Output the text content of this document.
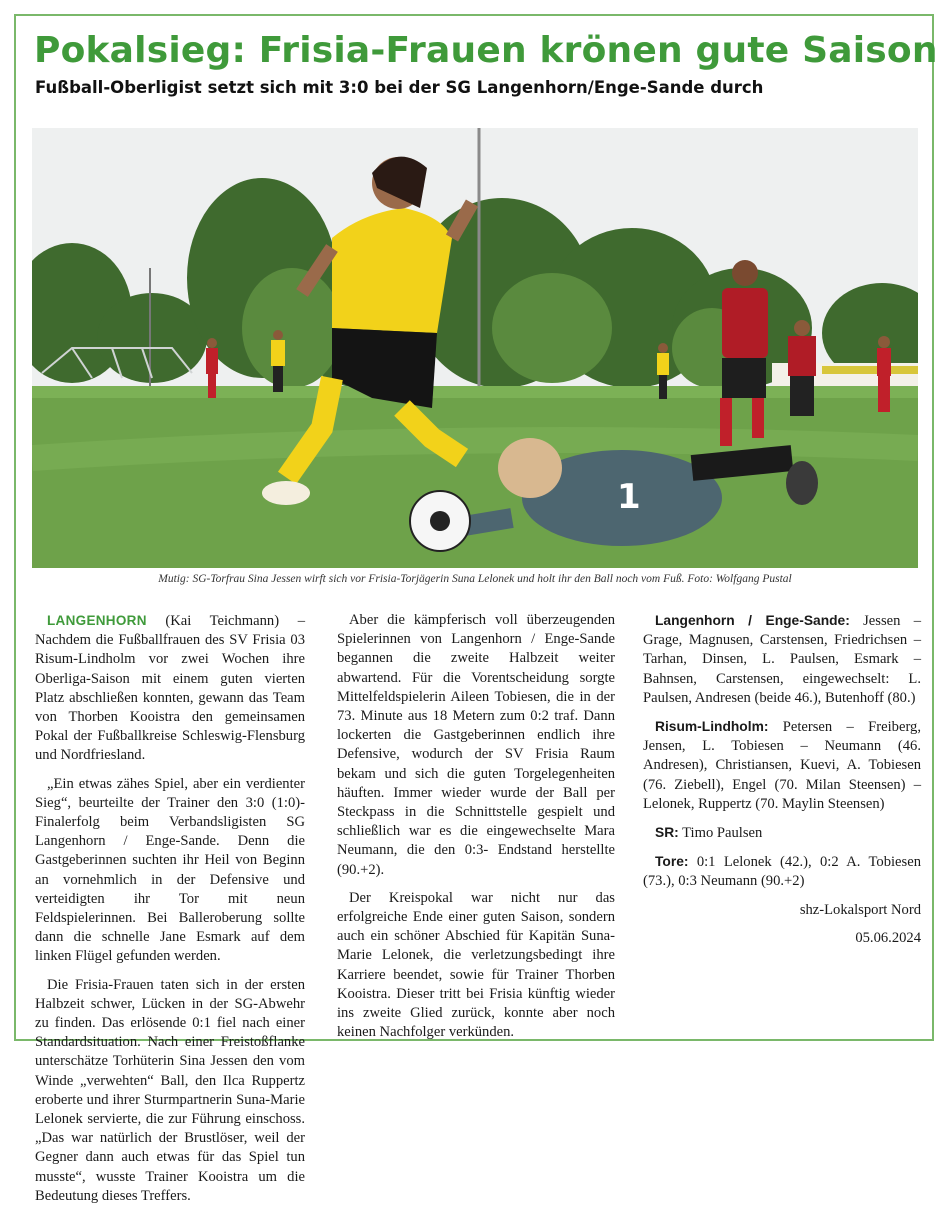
Pokalsieg: Frisia-Frauen krönen gute Saison
Fußball-Oberligist setzt sich mit 3:0 bei der SG Langenhorn/Enge-Sande durch
1
Mutig: SG-Torfrau Sina Jessen wirft sich vor Frisia-Torjägerin Suna Lelonek und holt ihr den Ball noch vom Fuß. Foto: Wolfgang Pustal

LANGENHORN (Kai Teichmann) – Nachdem die Fußballfrauen des SV Frisia 03 Risum-Lindholm vor zwei Wochen ihre Oberliga-Saison mit einem guten vierten Platz abschließen konnten, gewann das Team von Thorben Kooistra den gemeinsamen Pokal der Fußballkreise Schleswig-Flensburg und Nordfriesland.

„Ein etwas zähes Spiel, aber ein verdienter Sieg“, beurteilte der Trainer den 3:0 (1:0)-Finalerfolg beim Verbandsligisten SG Langenhorn / Enge-Sande. Denn die Gastgeberinnen suchten ihr Heil von Beginn an vornehmlich in der Defensive und verteidigten ihr Tor mit neun Feldspielerinnen. Bei Balleroberung sollte dann die schnelle Jane Esmark auf dem linken Flügel gefunden werden.

Die Frisia-Frauen taten sich in der ersten Halbzeit schwer, Lücken in der SG-Abwehr zu finden. Das erlösende 0:1 fiel nach einer Standardsituation. Nach einer Freistoßflanke unterschätze Torhüterin Sina Jessen den vom Winde „verwehten“ Ball, den Ilca Ruppertz eroberte und ihrer Sturmpartnerin Suna-Marie Lelonek servierte, die zur Führung einschoss. „Das war natürlich der Brustlöser, weil der Gegner dann auch etwas für das Spiel tun musste“, wusste Trainer Kooistra um die Bedeutung dieses Treffers.

Aber die kämpferisch voll überzeugenden Spielerinnen von Langenhorn / Enge-Sande begannen die zweite Halbzeit weiter abwartend. Für die Vorentscheidung sorgte Mittelfeldspielerin Aileen Tobiesen, die in der 73. Minute aus 18 Metern zum 0:2 traf. Dann lockerten die Gastgeberinnen endlich ihre Defensive, wodurch der SV Frisia Raum bekam und sich die guten Torgelegenheiten häuften. Immer wieder wurde der Ball per Steckpass in die Schnittstelle gespielt und schließlich war es die eingewechselte Mara Neumann, die den 0:3- Endstand herstellte (90.+2).

Der Kreispokal war nicht nur das erfolgreiche Ende einer guten Saison, sondern auch ein schöner Abschied für Kapitän Suna-Marie Lelonek, die verletzungsbedingt ihre Karriere beendet, sowie für Trainer Thorben Kooistra. Dieser tritt bei Frisia künftig wieder ins zweite Glied zurück, konnte aber noch keinen Nachfolger verkünden.

Langenhorn / Enge-Sande: Jessen – Grage, Magnusen, Carstensen, Friedrichsen – Tarhan, Dinsen, L. Paulsen, Esmark – Bahnsen, Carstensen, eingewechselt: L. Paulsen, Andresen (beide 46.), Butenhoff (80.)

Risum-Lindholm: Petersen – Freiberg, Jensen, L. Tobiesen – Neumann (46. Andresen), Christiansen, Kuevi, A. Tobiesen (76. Ziebell), Engel (70. Milan Steensen) – Lelonek, Ruppertz (70. Maylin Steensen)

SR: Timo Paulsen

Tore: 0:1 Lelonek (42.), 0:2 A. Tobiesen (73.), 0:3 Neumann (90.+2)

shz-Lokalsport Nord

05.06.2024
